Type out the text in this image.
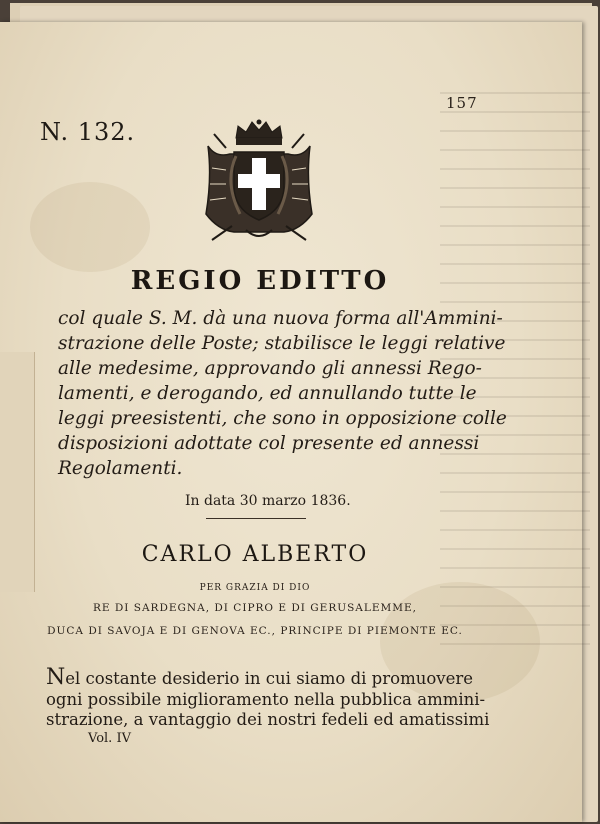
157
N. 132.
REGIO EDITTO
col quale S. M. dà una nuova forma all'Ammini-
strazione delle Poste; stabilisce le leggi relative
alle medesime, approvando gli annessi Rego-
lamenti, e derogando, ed annullando tutte le
leggi preesistenti, che sono in opposizione colle
disposizioni adottate col presente ed annessi
Regolamenti.
In data 30 marzo 1836.
CARLO ALBERTO
PER GRAZIA DI DIO
RE DI SARDEGNA, DI CIPRO E DI GERUSALEMME,
DUCA DI SAVOJA E DI GENOVA EC., PRINCIPE DI PIEMONTE EC.
Nel costante desiderio in cui siamo di promuovere
ogni possibile miglioramento nella pubblica ammini-
strazione, a vantaggio dei nostri fedeli ed amatissimi
Vol. IV
